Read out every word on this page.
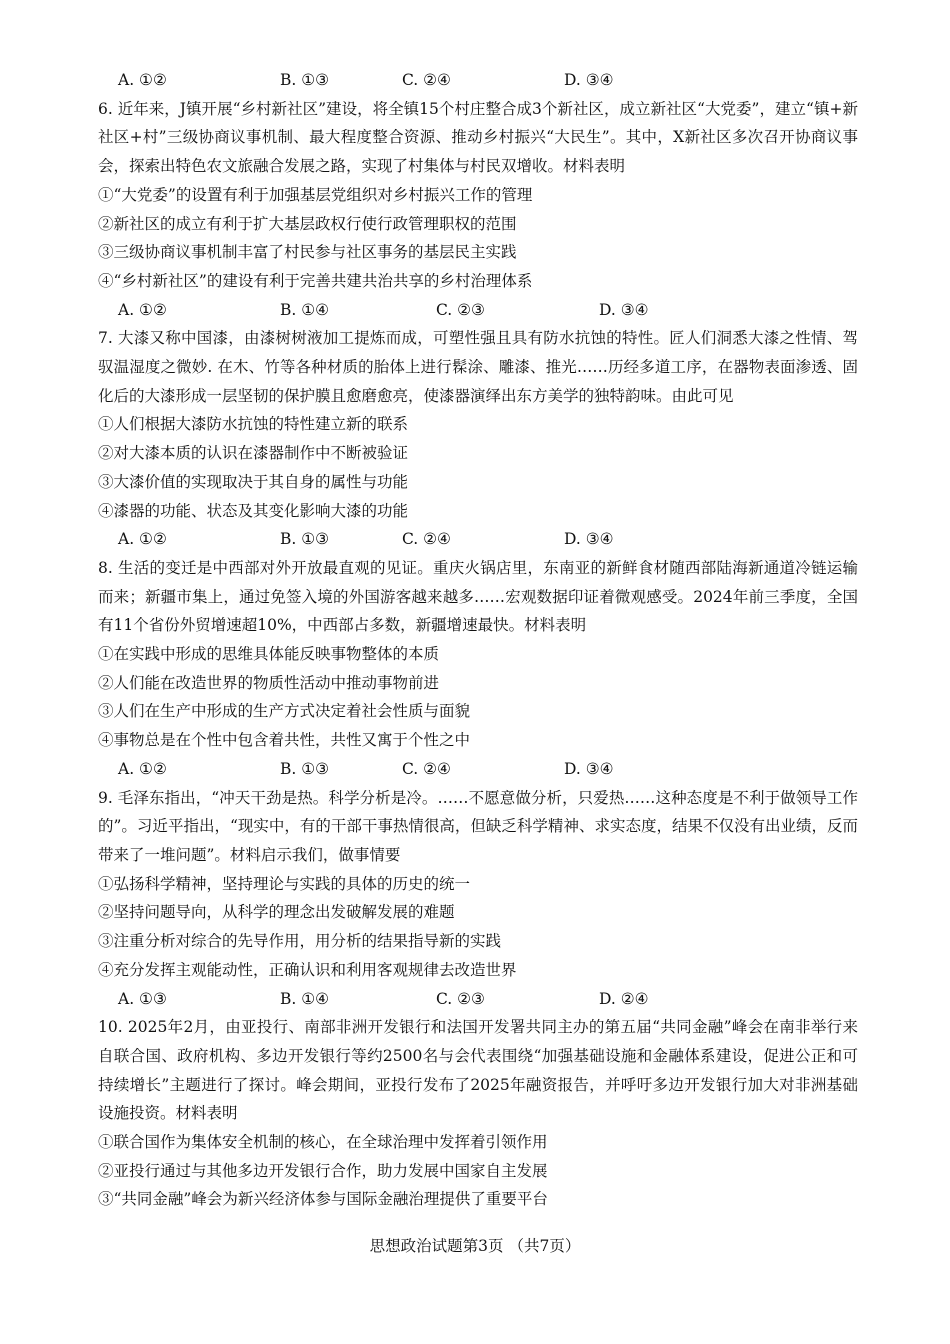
A. ①②	B. ①③	C. ②④	D. ③④
6. 近年来，J镇开展“乡村新社区”建设，将全镇15个村庄整合成3个新社区，成立新社区“大党委”，建立“镇+新社区+村”三级协商议事机制、最大程度整合资源、推动乡村振兴“大民生”。其中，X新社区多次召开协商议事会，探索出特色农文旅融合发展之路，实现了村集体与村民双增收。材料表明
①“大党委”的设置有利于加强基层党组织对乡村振兴工作的管理
②新社区的成立有利于扩大基层政权行使行政管理职权的范围
③三级协商议事机制丰富了村民参与社区事务的基层民主实践
④“乡村新社区”的建设有利于完善共建共治共享的乡村治理体系
A. ①②	B. ①④	C. ②③	D. ③④
7. 大漆又称中国漆，由漆树树液加工提炼而成，可塑性强且具有防水抗蚀的特性。匠人们洞悉大漆之性情、驾驭温湿度之微妙. 在木、竹等各种材质的胎体上进行髹涂、雕漆、推光……历经多道工序，在器物表面渗透、固化后的大漆形成一层坚韧的保护膜且愈磨愈亮，使漆器演绎出东方美学的独特韵味。由此可见
①人们根据大漆防水抗蚀的特性建立新的联系
②对大漆本质的认识在漆器制作中不断被验证
③大漆价值的实现取决于其自身的属性与功能
④漆器的功能、状态及其变化影响大漆的功能
A. ①②	B. ①③	C. ②④	D. ③④
8. 生活的变迁是中西部对外开放最直观的见证。重庆火锅店里，东南亚的新鲜食材随西部陆海新通道冷链运输而来；新疆市集上，通过免签入境的外国游客越来越多……宏观数据印证着微观感受。2024年前三季度，全国有11个省份外贸增速超10%，中西部占多数，新疆增速最快。材料表明
①在实践中形成的思维具体能反映事物整体的本质
②人们能在改造世界的物质性活动中推动事物前进
③人们在生产中形成的生产方式决定着社会性质与面貌
④事物总是在个性中包含着共性，共性又寓于个性之中
A. ①②	B. ①③	C. ②④	D. ③④
9. 毛泽东指出，“冲天干劲是热。科学分析是冷。……不愿意做分析，只爱热……这种态度是不利于做领导工作的”。习近平指出，“现实中，有的干部干事热情很高，但缺乏科学精神、求实态度，结果不仅没有出业绩，反而带来了一堆问题”。材料启示我们，做事情要
①弘扬科学精神，坚持理论与实践的具体的历史的统一
②坚持问题导向，从科学的理念出发破解发展的难题
③注重分析对综合的先导作用，用分析的结果指导新的实践
④充分发挥主观能动性，正确认识和利用客观规律去改造世界
A. ①③	B. ①④	C. ②③	D. ②④
10. 2025年2月，由亚投行、南部非洲开发银行和法国开发署共同主办的第五届“共同金融”峰会在南非举行来自联合国、政府机构、多边开发银行等约2500名与会代表围绕“加强基础设施和金融体系建设，促进公正和可持续增长”主题进行了探讨。峰会期间，亚投行发布了2025年融资报告，并呼吁多边开发银行加大对非洲基础设施投资。材料表明
①联合国作为集体安全机制的核心，在全球治理中发挥着引领作用
②亚投行通过与其他多边开发银行合作，助力发展中国家自主发展
③“共同金融”峰会为新兴经济体参与国际金融治理提供了重要平台
思想政治试题第3页 （共7页）
